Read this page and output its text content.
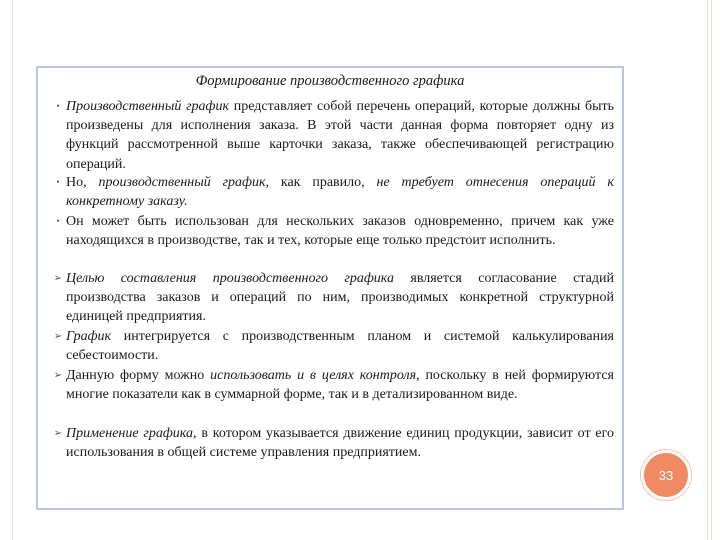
Формирование производственного графика
• Производственный график представляет собой перечень операций, которые должны быть произведены для исполнения заказа. В этой части данная форма повторяет одну из функций рассмотренной выше карточки заказа, также обеспечивающей регистрацию операций.
• Но, производственный график, как правило, не требует отнесения операций к конкретному заказу.
• Он может быть использован для нескольких заказов одновременно, причем как уже находящихся в производстве, так и тех, которые еще только предстоит исполнить.
➢ Целью составления производственного графика является согласование стадий производства заказов и операций по ним, производимых конкретной структурной единицей предприятия.
➢ График интегрируется с производственным планом и системой калькулирования себестоимости.
➢ Данную форму можно использовать и в целях контроля, поскольку в ней формируются многие показатели как в суммарной форме, так и в детализированном виде.
➢ Применение графика, в котором указывается движение единиц продукции, зависит от его использования в общей системе управления предприятием.
33
